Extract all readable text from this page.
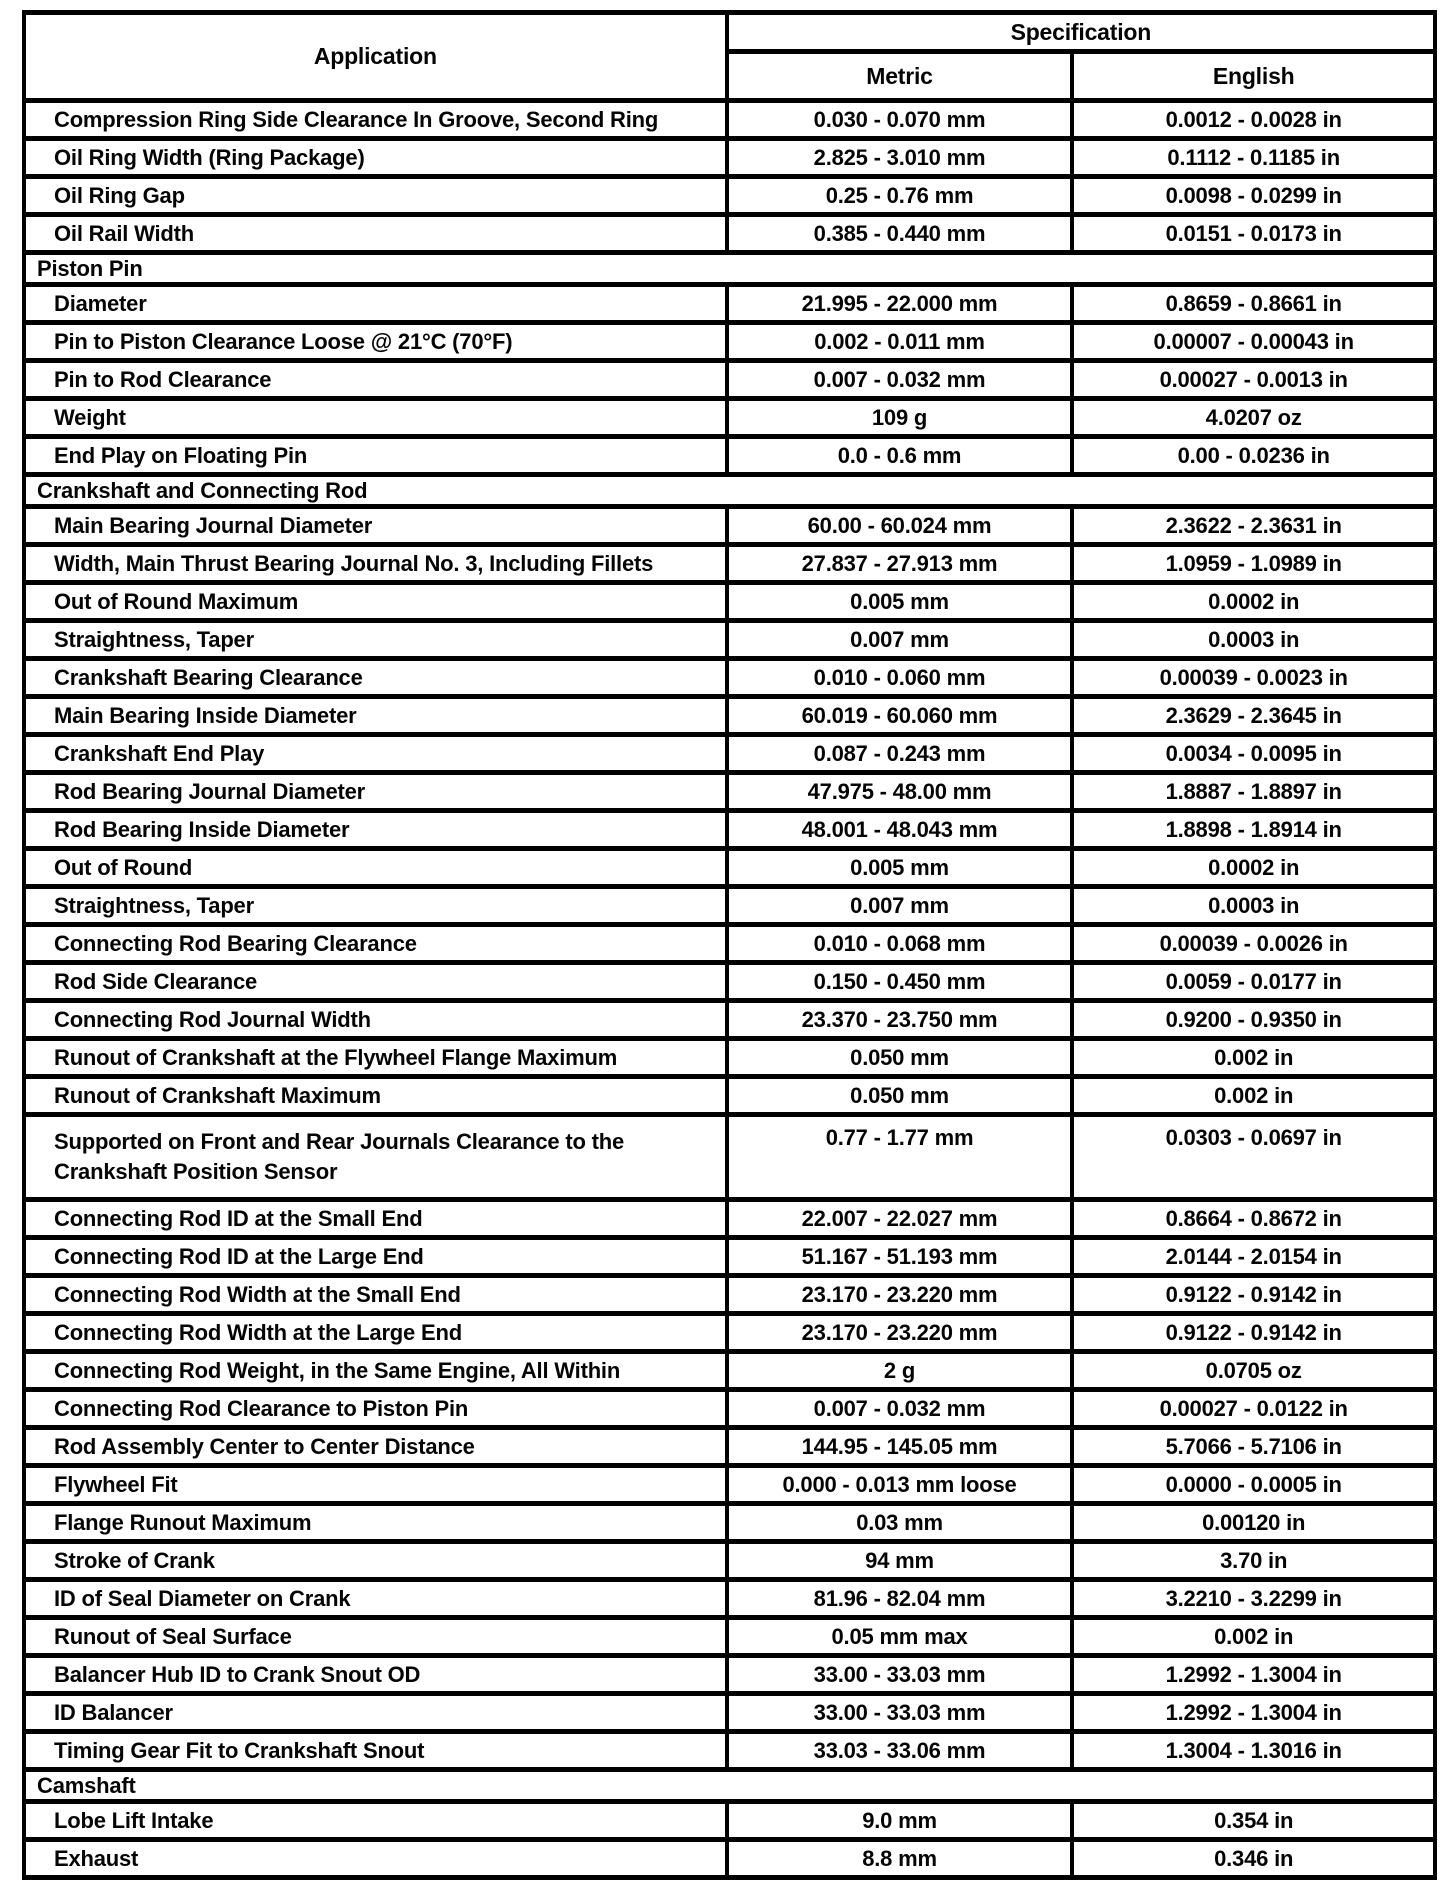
Application	Specification	
	Metric	English
Compression Ring Side Clearance In Groove, Second Ring	0.030 - 0.070 mm	0.0012 - 0.0028 in
Oil Ring Width (Ring Package)	2.825 - 3.010 mm	0.1112 - 0.1185 in
Oil Ring Gap	0.25 - 0.76 mm	0.0098 - 0.0299 in
Oil Rail Width	0.385 - 0.440 mm	0.0151 - 0.0173 in
Piston Pin		
Diameter	21.995 - 22.000 mm	0.8659 - 0.8661 in
Pin to Piston Clearance Loose @ 21°C (70°F)	0.002 - 0.011 mm	0.00007 - 0.00043 in
Pin to Rod Clearance	0.007 - 0.032 mm	0.00027 - 0.0013 in
Weight	109 g	4.0207 oz
End Play on Floating Pin	0.0 - 0.6 mm	0.00 - 0.0236 in
Crankshaft and Connecting Rod		
Main Bearing Journal Diameter	60.00 - 60.024 mm	2.3622 - 2.3631 in
Width, Main Thrust Bearing Journal No. 3, Including Fillets	27.837 - 27.913 mm	1.0959 - 1.0989 in
Out of Round Maximum	0.005 mm	0.0002 in
Straightness, Taper	0.007 mm	0.0003 in
Crankshaft Bearing Clearance	0.010 - 0.060 mm	0.00039 - 0.0023 in
Main Bearing Inside Diameter	60.019 - 60.060 mm	2.3629 - 2.3645 in
Crankshaft End Play	0.087 - 0.243 mm	0.0034 - 0.0095 in
Rod Bearing Journal Diameter	47.975 - 48.00 mm	1.8887 - 1.8897 in
Rod Bearing Inside Diameter	48.001 - 48.043 mm	1.8898 - 1.8914 in
Out of Round	0.005 mm	0.0002 in
Straightness, Taper	0.007 mm	0.0003 in
Connecting Rod Bearing Clearance	0.010 - 0.068 mm	0.00039 - 0.0026 in
Rod Side Clearance	0.150 - 0.450 mm	0.0059 - 0.0177 in
Connecting Rod Journal Width	23.370 - 23.750 mm	0.9200 - 0.9350 in
Runout of Crankshaft at the Flywheel Flange Maximum	0.050 mm	0.002 in
Runout of Crankshaft Maximum	0.050 mm	0.002 in
Supported on Front and Rear Journals Clearance to the Crankshaft Position Sensor	0.77 - 1.77 mm	0.0303 - 0.0697 in
Connecting Rod ID at the Small End	22.007 - 22.027 mm	0.8664 - 0.8672 in
Connecting Rod ID at the Large End	51.167 - 51.193 mm	2.0144 - 2.0154 in
Connecting Rod Width at the Small End	23.170 - 23.220 mm	0.9122 - 0.9142 in
Connecting Rod Width at the Large End	23.170 - 23.220 mm	0.9122 - 0.9142 in
Connecting Rod Weight, in the Same Engine, All Within	2 g	0.0705 oz
Connecting Rod Clearance to Piston Pin	0.007 - 0.032 mm	0.00027 - 0.0122 in
Rod Assembly Center to Center Distance	144.95 - 145.05 mm	5.7066 - 5.7106 in
Flywheel Fit	0.000 - 0.013 mm loose	0.0000 - 0.0005 in
Flange Runout Maximum	0.03 mm	0.00120 in
Stroke of Crank	94 mm	3.70 in
ID of Seal Diameter on Crank	81.96 - 82.04 mm	3.2210 - 3.2299 in
Runout of Seal Surface	0.05 mm max	0.002 in
Balancer Hub ID to Crank Snout OD	33.00 - 33.03 mm	1.2992 - 1.3004 in
ID Balancer	33.00 - 33.03 mm	1.2992 - 1.3004 in
Timing Gear Fit to Crankshaft Snout	33.03 - 33.06 mm	1.3004 - 1.3016 in
Camshaft		
Lobe Lift Intake	9.0 mm	0.354 in
Exhaust	8.8 mm	0.346 in
